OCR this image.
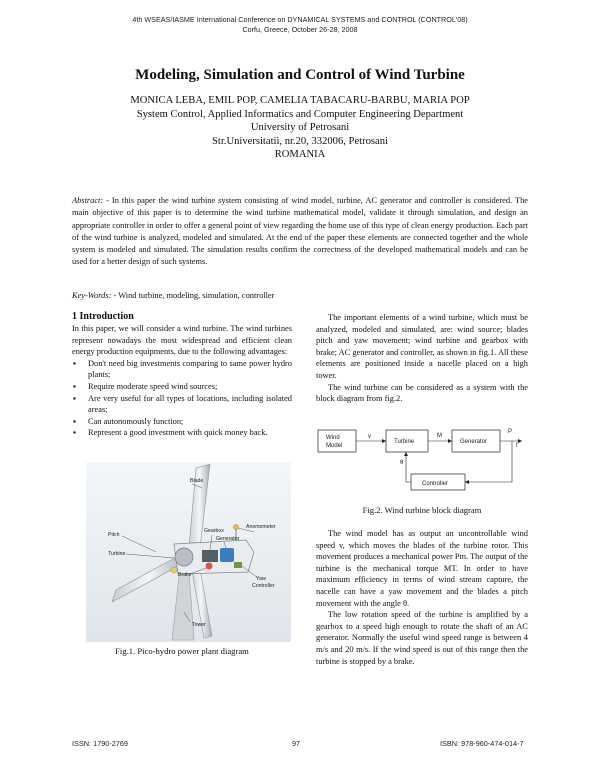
4th WSEAS/IASME International Conference on DYNAMICAL SYSTEMS and CONTROL (CONTROL'08)
Corfu, Greece, October 26-28, 2008
Modeling, Simulation and Control of Wind Turbine
MONICA LEBA, EMIL POP, CAMELIA TABACARU-BARBU, MARIA POP
System Control, Applied Informatics and Computer Engineering Department
University of Petrosani
Str.Universitatii, nr.20, 332006, Petrosani
ROMANIA
Abstract: - In this paper the wind turbine system consisting of wind model, turbine, AC generator and controller is considered. The main objective of this paper is to determine the wind turbine mathematical model, validate it through simulation, and design an appropriate controller in order to offer a general point of view regarding the home use of this type of clean energy production. Each part of the wind turbine is analyzed, modeled and simulated. At the end of the paper these elements are connected together and the whole system is modeled and simulated. The simulation results confirm the correctness of the developed mathematical models and can be used for a better design of such systems.
Key-Words: - Wind turbine, modeling, simulation, controller
1 Introduction

In this paper, we will consider a wind turbine. The wind turbines represent nowadays the most widespread and efficient clean energy production equipments, due to the following advantages:

▪ Don't need big investments comparing to same power hydro plants;
▪ Require moderate speed wind sources;
▪ Are very useful for all types of locations, including isolated areas;
▪ Can autonomously function;
▪ Represent a good investment with quick money back.
Blade
Pitch
Turbine
Gearbox
Generator
Anemometer
Brake
Yaw
Controller
Tower
Fig.1. Pico-hydro power plant diagram

The important elements of a wind turbine, which must be analyzed, modeled and simulated, are: wind source; blades pitch and yaw movement; wind turbine and gearbox with brake; AC generator and controller, as shown in fig.1. All these elements are positioned inside a nacelle placed on a high tower.

The wind turbine can be considered as a system with the block diagram from fig.2.

Wind
Model
Turbine	Generator
Controller
v	M
θ
P
f
Fig.2. Wind turbine block diagram

The wind model has as output an uncontrollable wind speed v, which moves the blades of the turbine rotor. This movement produces a mechanical power Pm. The output of the turbine is the mechanical torque MT. In order to have maximum efficiency in terms of wind stream capture, the nacelle can have a yaw movement and the blades a pitch movement with the angle θ.

The low rotation speed of the turbine is amplified by a gearbox to a speed high enough to rotate the shaft of an AC generator. Normally the useful wind speed range is between 4 m/s and 20 m/s. If the wind speed is out of this range then the turbine is stopped by a brake.

ISSN: 1790-2769	97	ISBN: 978-960-474-014-7
